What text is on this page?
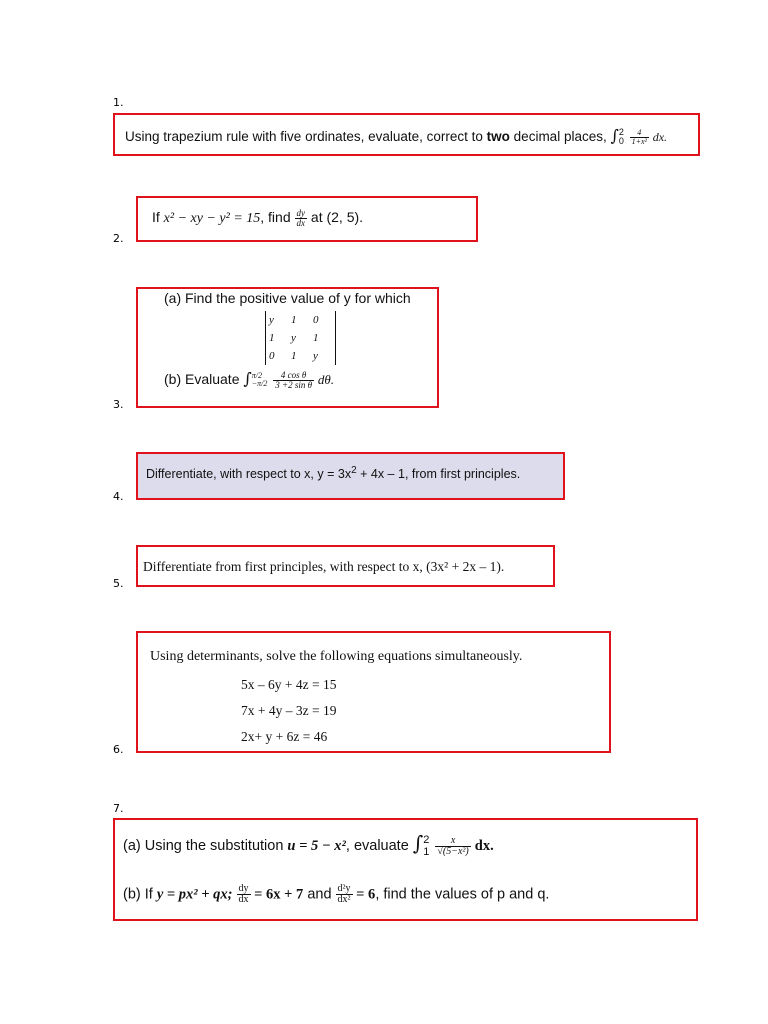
1.
2.
3.
4.
5.
6.
7.
Using trapezium rule with five ordinates, evaluate, correct to two decimal places, ∫ 2
0
$\frac{4}{\text{1+x²}}$ dx.
If x² − xy − y² = 15, find $\frac{dy}{dx}$ at (2, 5).
(a) Find the positive value of y for which
y 1 0
1 y 1
0 1 y
(b) Evaluate ∫ π/2
−π/2
$\frac{\text{4 cos θ}}{\text{3 +2 sin θ}} d\theta$.
Differentiate, with respect to x, $y = 3x^2 + 4x - 1$, from first principles.
Differentiate from first principles, with respect to x, (3x² + 2x – 1).
Using determinants, solve the following equations simultaneously.
5x – 6y + 4z = 15
7x + 4y – 3z = 19
2x+ y + 6z = 46
(a) Using the substitution u = 5 − x², evaluate ∫ 2
1
$\frac{x}{\text{√(5−x²)}}$ dx.
(b) If y = px² + qx; $\frac{dy}{dx} = 6x + 7$ and $\frac{\text{d²y}}{\text{dx²}} = 6$, find the values of p and q.
